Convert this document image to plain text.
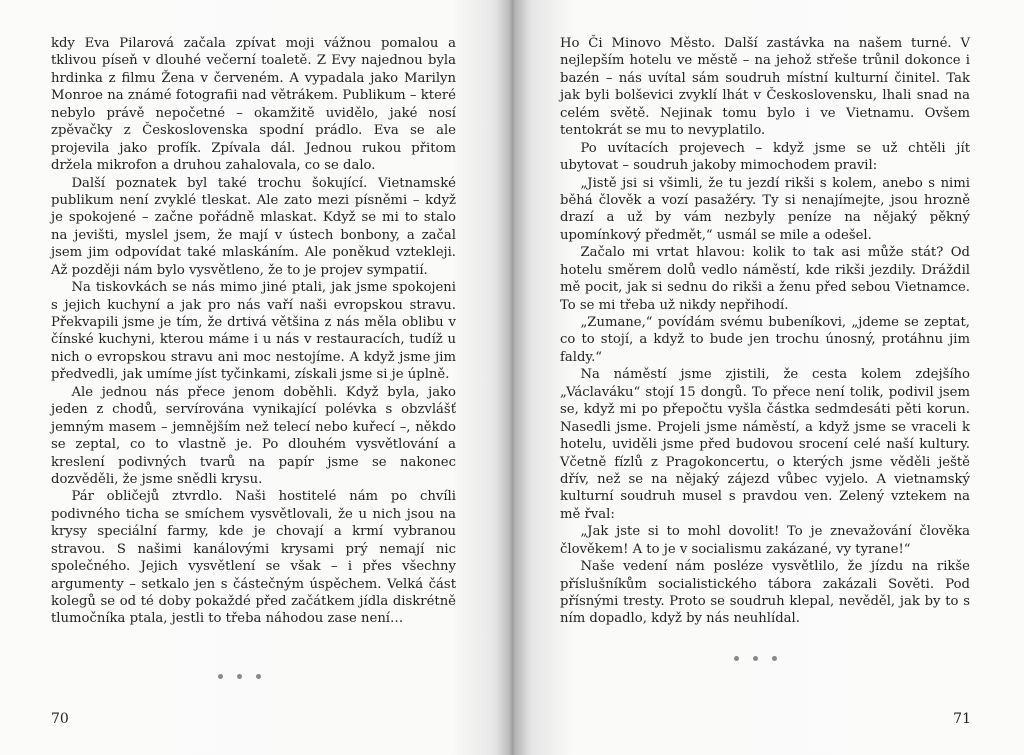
kdy Eva Pilarová začala zpívat moji vážnou pomalou a tklivou píseň v dlouhé večerní toaletě. Z Evy najednou byla hrdinka z filmu Žena v červeném. A vypadala jako Marilyn Monroe na známé fotografii nad větrákem. Publikum – které nebylo právě nepočetné – okamžitě uvidělo, jaké nosí zpěvačky z Československa spodní prádlo. Eva se ale projevila jako profík. Zpívala dál. Jednou rukou přitom držela mikrofon a druhou zahalovala, co se dalo.

Další poznatek byl také trochu šokující. Vietnamské publikum není zvyklé tleskat. Ale zato mezi písněmi – když je spokojené – začne pořádně mlaskat. Když se mi to stalo na jevišti, myslel jsem, že mají v ústech bonbony, a začal jsem jim odpovídat také mlaskáním. Ale poněkud vztekleji. Až později nám bylo vysvětleno, že to je projev sympatií.

Na tiskovkách se nás mimo jiné ptali, jak jsme spokojeni s jejich kuchyní a jak pro nás vaří naši evropskou stravu. Překvapili jsme je tím, že drtivá většina z nás měla oblibu v čínské kuchyni, kterou máme i u nás v restauracích, tudíž u nich o evropskou stravu ani moc nestojíme. A když jsme jim předvedli, jak umíme jíst tyčinkami, získali jsme si je úplně.

Ale jednou nás přece jenom doběhli. Když byla, jako jeden z chodů, servírována vynikající polévka s obzvlášť jemným masem – jemnějším než telecí nebo kuřecí –, někdo se zeptal, co to vlastně je. Po dlouhém vysvětlování a kreslení podivných tvarů na papír jsme se nakonec dozvěděli, že jsme snědli krysu.

Pár obličejů ztvrdlo. Naši hostitelé nám po chvíli podivného ticha se smíchem vysvětlovali, že u nich jsou na krysy speciální farmy, kde je chovají a krmí vybranou stravou. S našimi kanálovými krysami prý nemají nic společného. Jejich vysvětlení se však – i přes všechny argumenty – setkalo jen s částečným úspěchem. Velká část kolegů se od té doby pokaždé před začátkem jídla diskrétně tlumočníka ptala, jestli to třeba náhodou zase není…

70

Ho Či Minovo Město. Další zastávka na našem turné. V nejlepším hotelu ve městě – na jehož střeše trůnil dokonce i bazén – nás uvítal sám soudruh místní kulturní činitel. Tak jak byli bolševici zvyklí lhát v Československu, lhali snad na celém světě. Nejinak tomu bylo i ve Vietnamu. Ovšem tentokrát se mu to nevyplatilo.

Po uvítacích projevech – když jsme se už chtěli jít ubytovat – soudruh jakoby mimochodem pravil:

„Jistě jsi si všimli, že tu jezdí rikši s kolem, anebo s nimi běhá člověk a vozí pasažéry. Ty si nenajímejte, jsou hrozně drazí a už by vám nezbyly peníze na nějaký pěkný upomínkový předmět,“ usmál se mile a odešel.

Začalo mi vrtat hlavou: kolik to tak asi může stát? Od hotelu směrem dolů vedlo náměstí, kde rikši jezdily. Dráždil mě pocit, jak si sednu do rikši a ženu před sebou Vietnamce. To se mi třeba už nikdy nepřihodí.

„Zumane,“ povídám svému bubeníkovi, „jdeme se zeptat, co to stojí, a když to bude jen trochu únosný, protáhnu jim faldy.“

Na náměstí jsme zjistili, že cesta kolem zdejšího „Václaváku“ stojí 15 dongů. To přece není tolik, podivil jsem se, když mi po přepočtu vyšla částka sedmdesáti pěti korun. Nasedli jsme. Projeli jsme náměstí, a když jsme se vraceli k hotelu, uviděli jsme před budovou srocení celé naší kultury. Včetně fízlů z Pragokoncertu, o kterých jsme věděli ještě dřív, než se na nějaký zájezd vůbec vyjelo. A vietnamský kulturní soudruh musel s pravdou ven. Zelený vztekem na mě řval:

„Jak jste si to mohl dovolit! To je znevažování člověka člověkem! A to je v socialismu zakázané, vy tyrane!“

Naše vedení nám posléze vysvětlilo, že jízdu na rikše příslušníkům socialistického tábora zakázali Sověti. Pod přísnými tresty. Proto se soudruh klepal, nevěděl, jak by to s ním dopadlo, když by nás neuhlídal.

71
